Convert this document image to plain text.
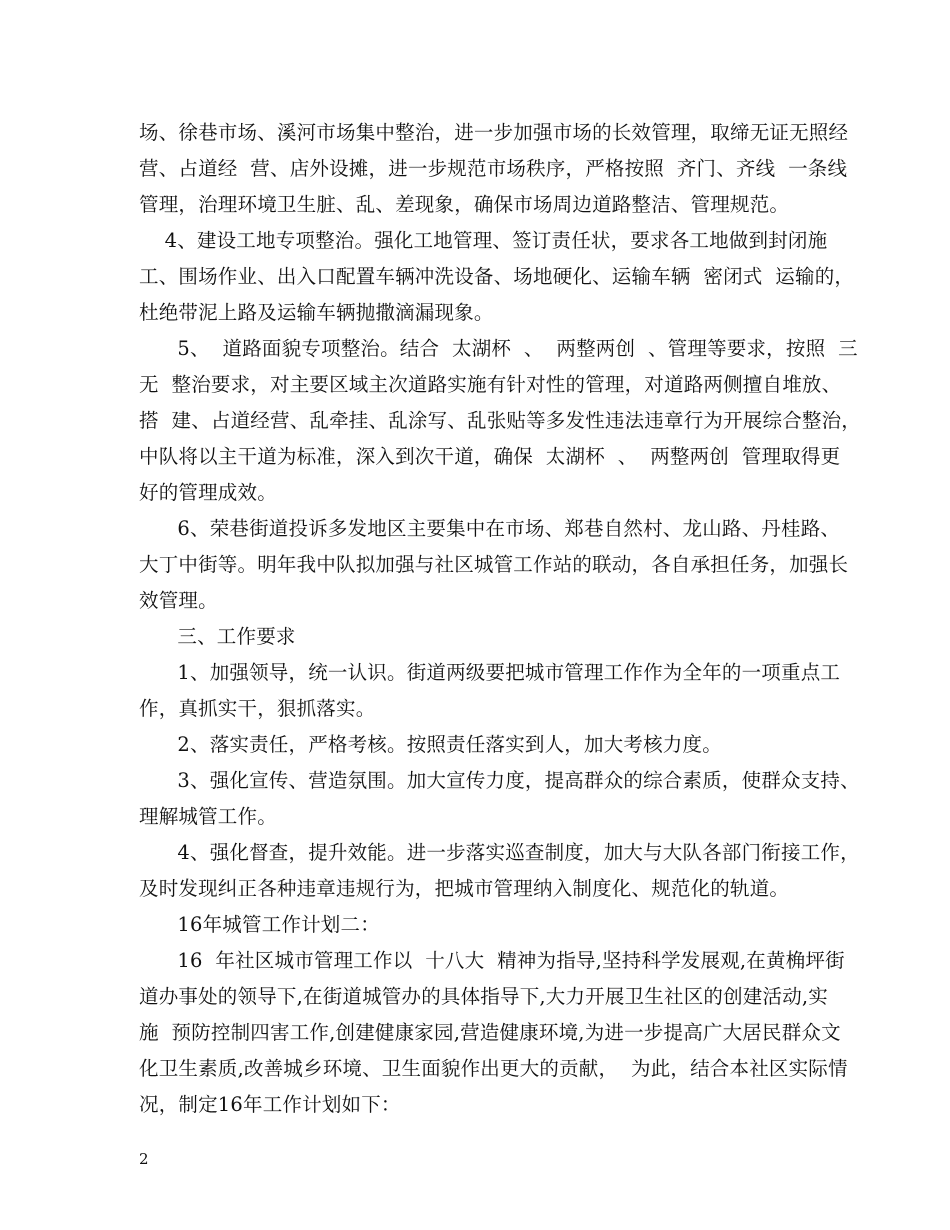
场、徐巷市场、溪河市场集中整治，进一步加强市场的长效管理，取缔无证无照经
营、占道经  营、店外设摊，进一步规范市场秩序，严格按照  齐门、齐线  一条线
管理，治理环境卫生脏、乱、差现象，确保市场周边道路整洁、管理规范。
4、建设工地专项整治。强化工地管理、签订责任状，要求各工地做到封闭施
工、围场作业、出入口配置车辆冲洗设备、场地硬化、运输车辆  密闭式  运输的，
杜绝带泥上路及运输车辆抛撒滴漏现象。
5、  道路面貌专项整治。结合  太湖杯  、  两整两创  、管理等要求，按照  三
无  整治要求，对主要区域主次道路实施有针对性的管理，对道路两侧擅自堆放、
搭  建、占道经营、乱牵挂、乱涂写、乱张贴等多发性违法违章行为开展综合整治，
中队将以主干道为标准，深入到次干道，确保  太湖杯  、  两整两创  管理取得更
好的管理成效。
6、荣巷街道投诉多发地区主要集中在市场、郑巷自然村、龙山路、丹桂路、
大丁中街等。明年我中队拟加强与社区城管工作站的联动，各自承担任务，加强长
效管理。
三、工作要求
1、加强领导，统一认识。街道两级要把城市管理工作作为全年的一项重点工
作，真抓实干，狠抓落实。
2、落实责任，严格考核。按照责任落实到人，加大考核力度。
3、强化宣传、营造氛围。加大宣传力度，提高群众的综合素质，使群众支持、
理解城管工作。
4、强化督查，提升效能。进一步落实巡查制度，加大与大队各部门衔接工作，
及时发现纠正各种违章违规行为，把城市管理纳入制度化、规范化的轨道。
16年城管工作计划二：
16  年社区城市管理工作以  十八大  精神为指导,坚持科学发展观,在黄桷坪街
道办事处的领导下,在街道城管办的具体指导下,大力开展卫生社区的创建活动,实
施  预防控制四害工作,创建健康家园,营造健康环境,为进一步提高广大居民群众文
化卫生素质,改善城乡环境、卫生面貌作出更大的贡献，  为此，结合本社区实际情
况，制定16年工作计划如下：
2
